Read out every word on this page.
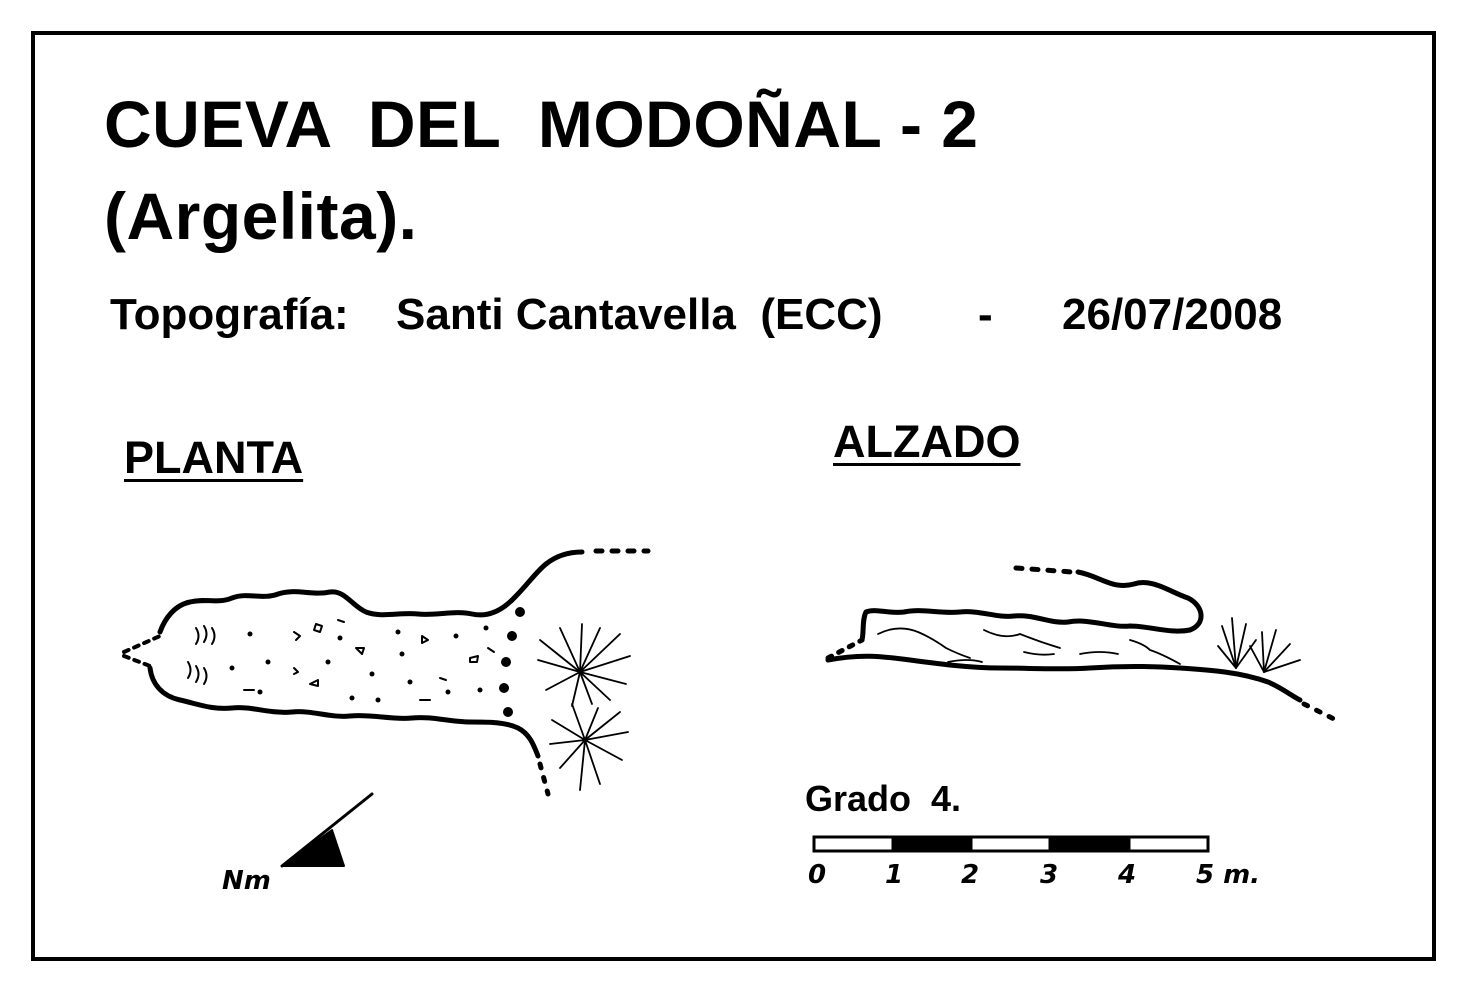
CUEVA  DEL  MODOÑAL - 2
(Argelita).

Topografía:

Santi Cantavella  (ECC)

-

26/07/2008

PLANTA	ALZADO
Grado  4.
0 1 2 3 4 5 m.
Nm
